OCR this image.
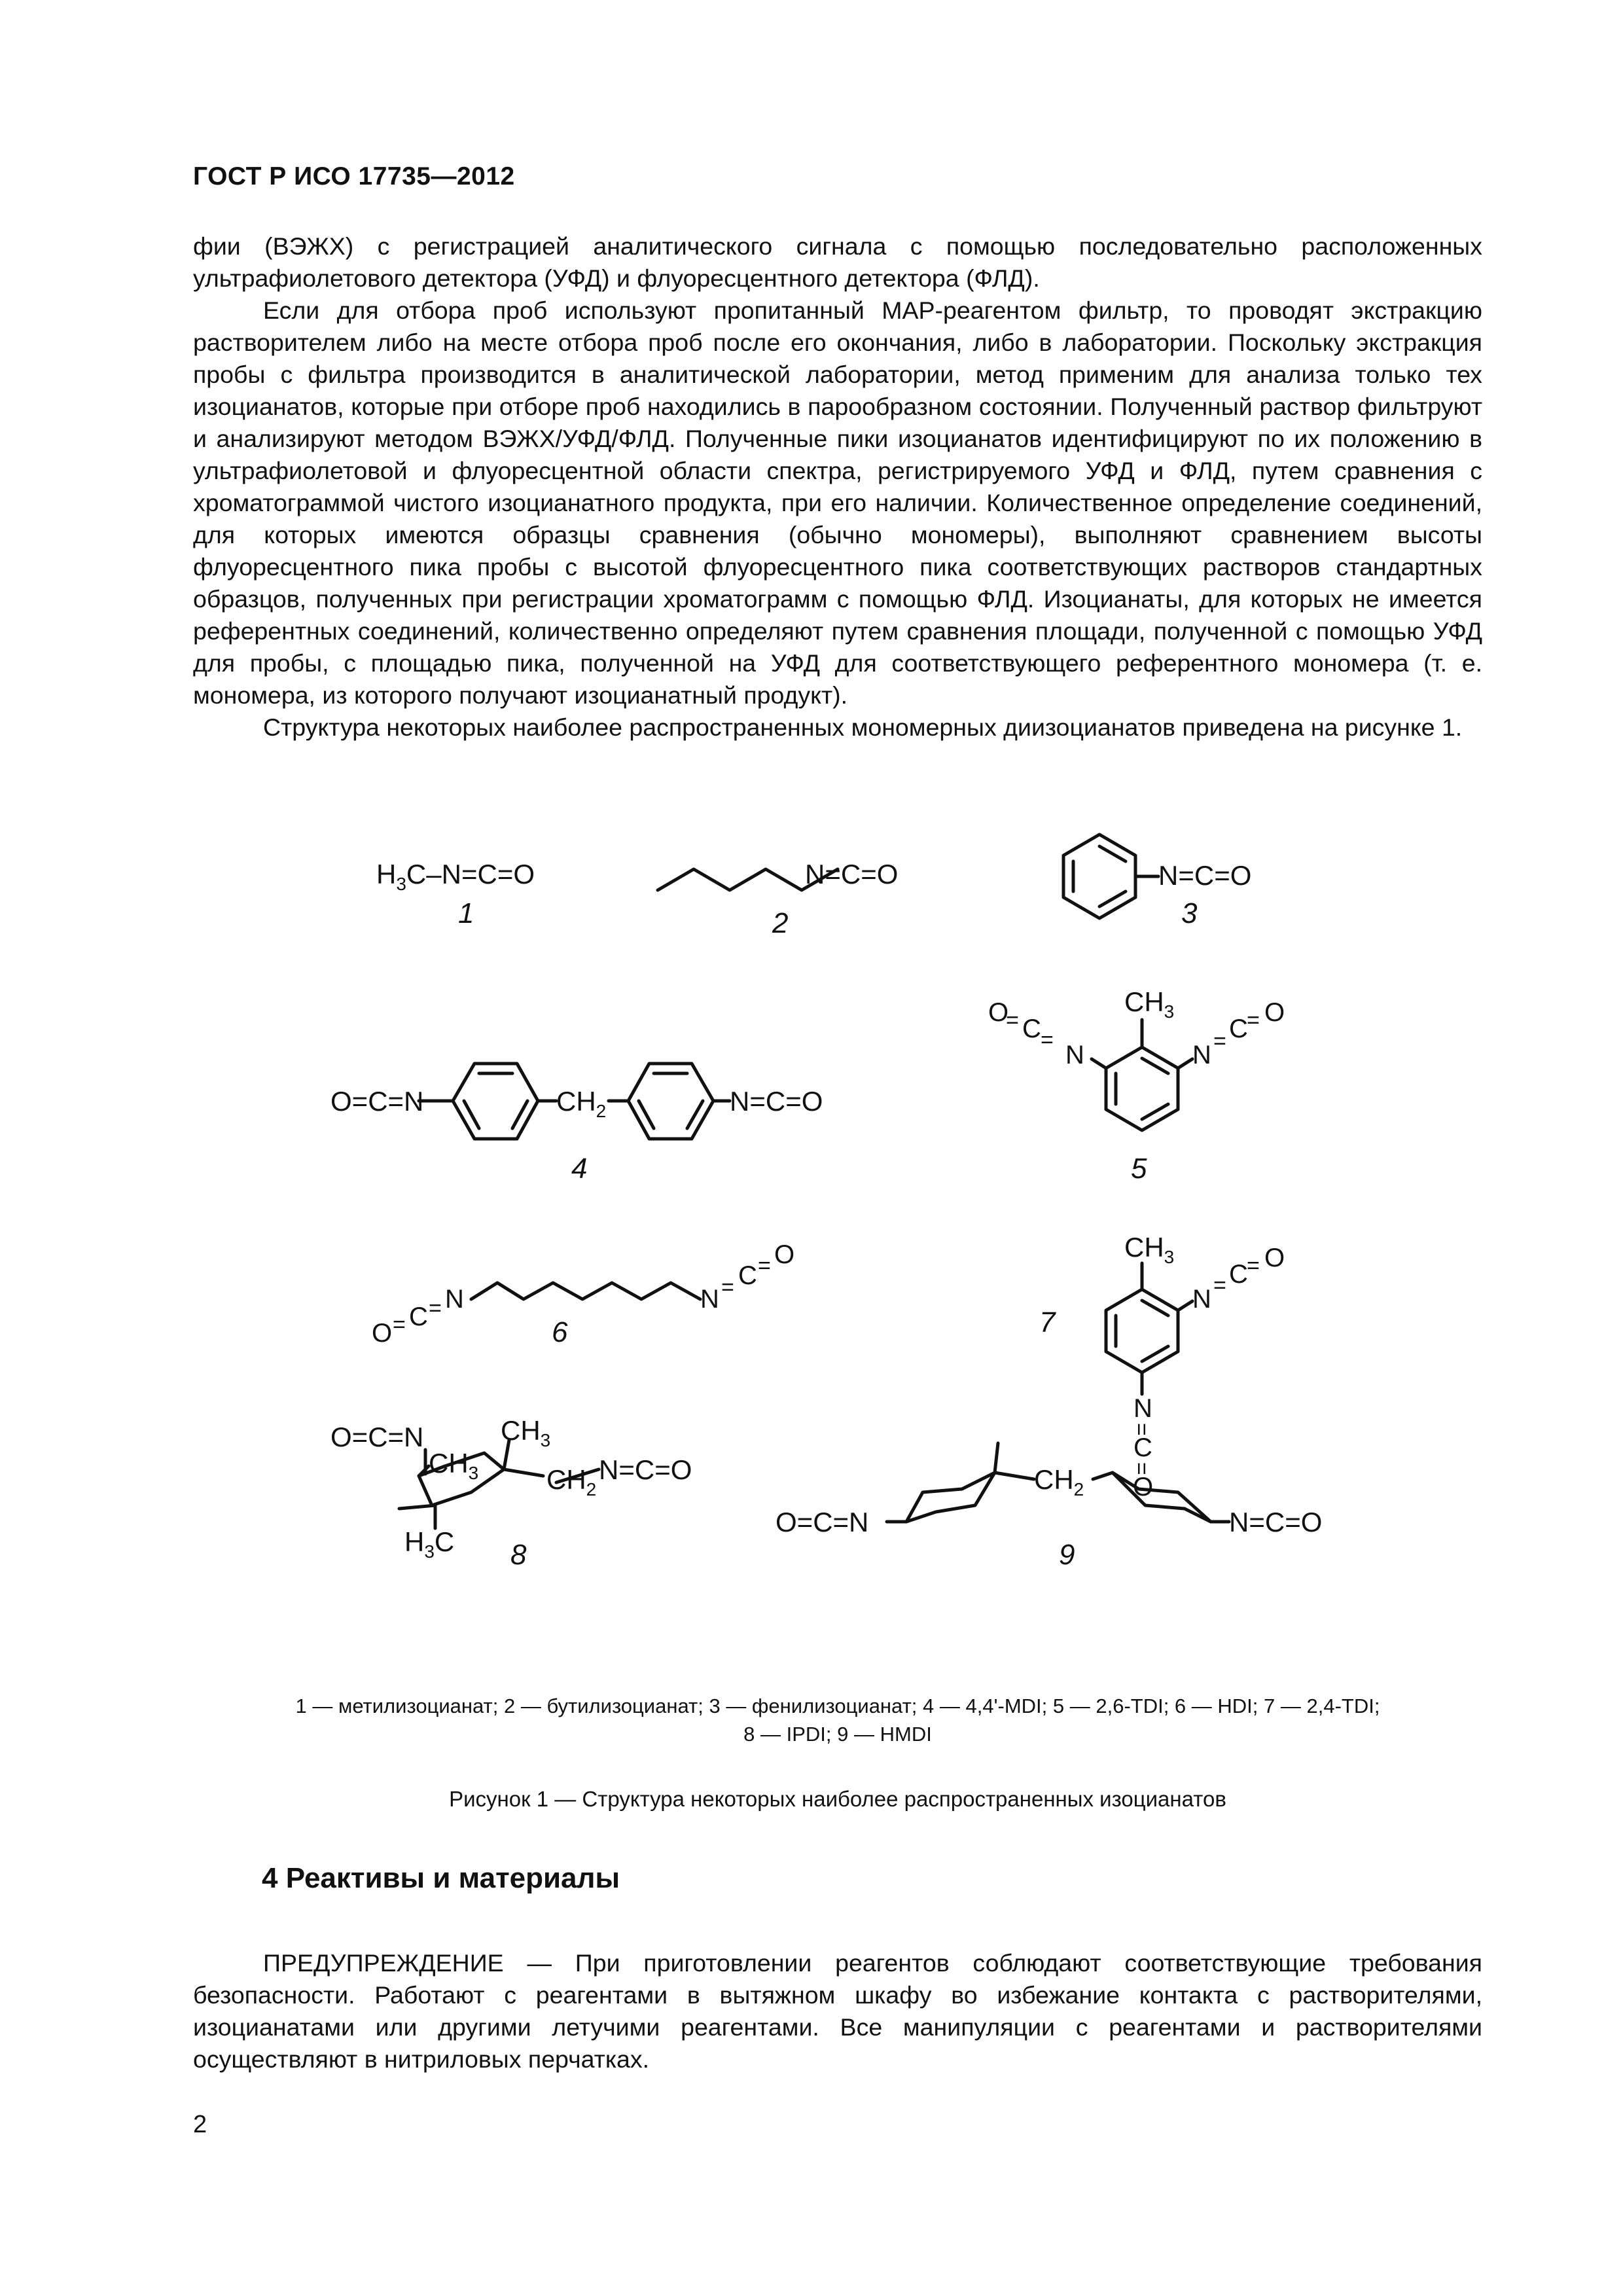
ГОСТ Р ИСО 17735—2012

фии (ВЭЖХ) с регистрацией аналитического сигнала с помощью последовательно расположенных ультрафиолетового детектора (УФД) и флуоресцентного детектора (ФЛД).

Если для отбора проб используют пропитанный МАР-реагентом фильтр, то проводят экстракцию растворителем либо на месте отбора проб после его окончания, либо в лаборатории. Поскольку экстракция пробы с фильтра производится в аналитической лаборатории, метод применим для анализа только тех изоцианатов, которые при отборе проб находились в парообразном состоянии. Полученный раствор фильтруют и анализируют методом ВЭЖХ/УФД/ФЛД. Полученные пики изоцианатов идентифицируют по их положению в ультрафиолетовой и флуоресцентной области спектра, регистрируемого УФД и ФЛД, путем сравнения с хроматограммой чистого изоцианатного продукта, при его наличии. Количественное определение соединений, для которых имеются образцы сравнения (обычно мономеры), выполняют сравнением высоты флуоресцентного пика пробы с высотой флуоресцентного пика соответствующих растворов стандартных образцов, полученных при регистрации хроматограмм с помощью ФЛД. Изоцианаты, для которых не имеется референтных соединений, количественно определяют путем сравнения площади, полученной с помощью УФД для пробы, с площадью пика, полученной на УФД для соответствующего референтного мономера (т. е. мономера, из которого получают изоцианатный продукт).

Структура некоторых наиболее распространенных мономерных диизоцианатов приведена на рисунке 1.

$H_3C-N=C=O$
1
N=C=O
2
N=C=O
3
O=C=N	$CH_2$	N=C=O
4
$CH_3$
O
C
=
=
N	N = C
= O
5
O = C = N	N = C = O
6
$CH_3$
N = C
= O
N
=
C
=
O
7
O=C=N
$CH_3$
$CH_3$
$CH_2$
N=C=O
$H_3C$ 8
O=C=N
$CH_2$
N=C=O
9
1 — метилизоцианат; 2 — бутилизоцианат; 3 — фенилизоцианат; 4 — 4,4'-MDI; 5 — 2,6-TDI; 6 — HDI; 7 — 2,4-TDI;
8 — IPDI; 9 — HMDI
Рисунок 1 — Структура некоторых наиболее распространенных изоцианатов
4 Реактивы и материалы

ПРЕДУПРЕЖДЕНИЕ — При приготовлении реагентов соблюдают соответствующие требования безопасности. Работают с реагентами в вытяжном шкафу во избежание контакта с растворителями, изоцианатами или другими летучими реагентами. Все манипуляции с реагентами и растворителями осуществляют в нитриловых перчатках.

2
